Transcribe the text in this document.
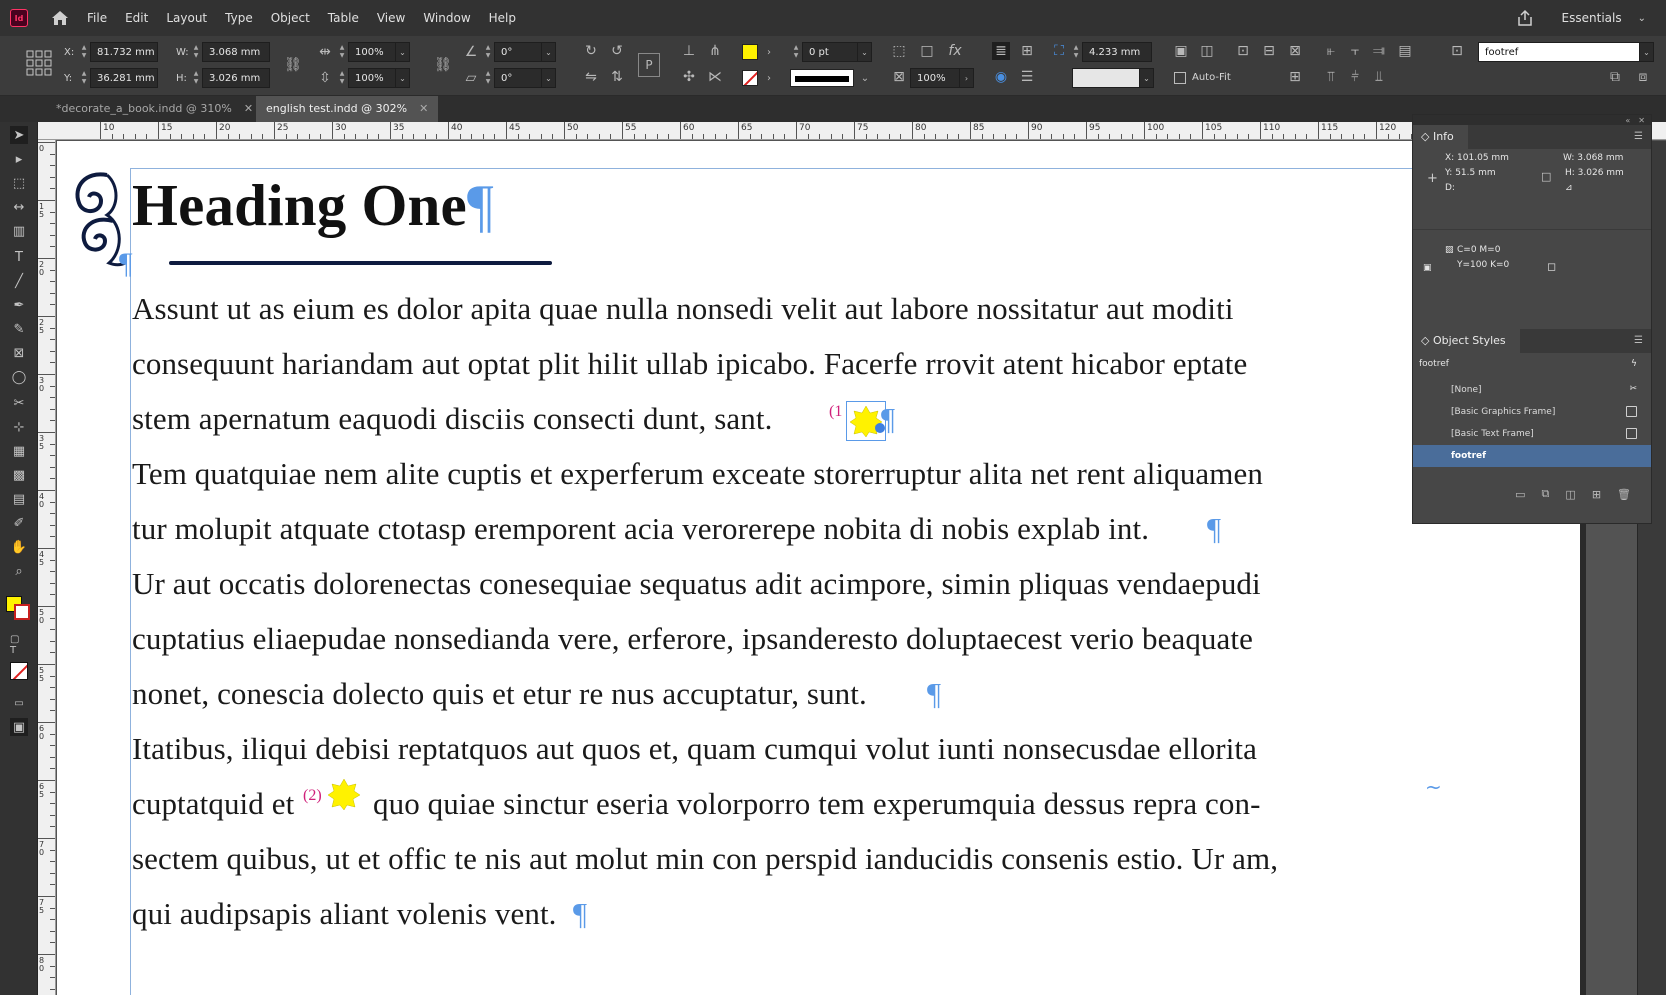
Id	File	Edit	Layout	Type	Object	Table	View	Window	Help	Essentials ⌄
X:	▲
▼	81.732 mm
Y:	▲
▼	36.281 mm
W: ▲
▼	3.068 mm
H:	▲
▼	3.026 mm
⛓
⇹	▲
▼	100%	⌄
⇳	▲
▼	100%	⌄
⛓
∠	▲
▼	0°	⌄
▱	▲
▼	0°	⌄
↻ ↺
⇋ ⇅
P
⊥ ⋔
✣ ⋉
›
›
▲
▼	0 pt	⌄
⌄
⬚ □ fx
⊠	100%	›
≣ ⊞
◉ ☰
⛶	▲
▼	4.233 mm
⌄
▣ ◫ ⊡ ⊟ ⊠
Auto-Fit	⊞
⫦	⫟ ⫥ ▤
⫪	⫩	⫫
⊡	footref	⌄
⧉	⧈
*decorate_a_book.indd @ 310% ✕	english test.indd @ 302% ✕
➤
▸
⬚
↔
▥
T
╱
✒
✎
⊠
◯
✂
⊹
▦
▩
▤
✐
✋
⌕
▢ T
▭
▣
10	15	20	25	30	35	40	45	50	55	60	65	70	75	80	85	90	95	100	105	110	115	120
0
15
20
25
30
35
40
45
50
55
60
65
70
75
80
Heading One¶
¶
Assunt ut as eium es dolor apita quae nulla nonsedi velit aut labore nossitatur aut moditi
consequunt hariandam aut optat plit hilit ullab ipicabo. Facerfe rrovit atent hicabor eptate
stem apernatum eaquodi disciis consecti dunt, sant.	(1 ¶
Tem quatquiae nem alite cuptis et experferum exceate storerruptur alita net rent aliquamen
tur molupit atquate ctotasp eremporent acia verorerepe nobita di nobis explab int. ¶
Ur aut occatis dolorenectas conesequiae sequatus adit acimpore, simin pliquas vendaepudi
cuptatius eliaepudae nonsedianda vere, erferore, ipsanderesto doluptaecest verio beaquate
nonet, conescia dolecto quis et etur re nus accuptatur, sunt. ¶
Itatibus, iliqui debisi reptatquos aut quos et, quam cumqui volut iunti nonsecusdae ellorita
cuptatquid et (2) quo quiae sinctur eseria volorporro tem experumquia dessus repra con-	~
sectem quibus, ut et offic te nis aut molut min con perspid ianducidis consenis estio. Ur am,
qui audipsapis aliant volenis vent. ¶
« ✕
◇ Info	☰
+
X: 101.05 mm
Y: 51.5 mm
D:
□
W: 3.068 mm
H: 3.026 mm
⊿
▨ C=0 M=0
Y=100 K=0
▣	◻
◇ Object Styles	☰
footref	ϟ
[None]	✂
[Basic Graphics Frame]
[Basic Text Frame]
footref
▭ ⧉ ◫ ⊞ 🗑
